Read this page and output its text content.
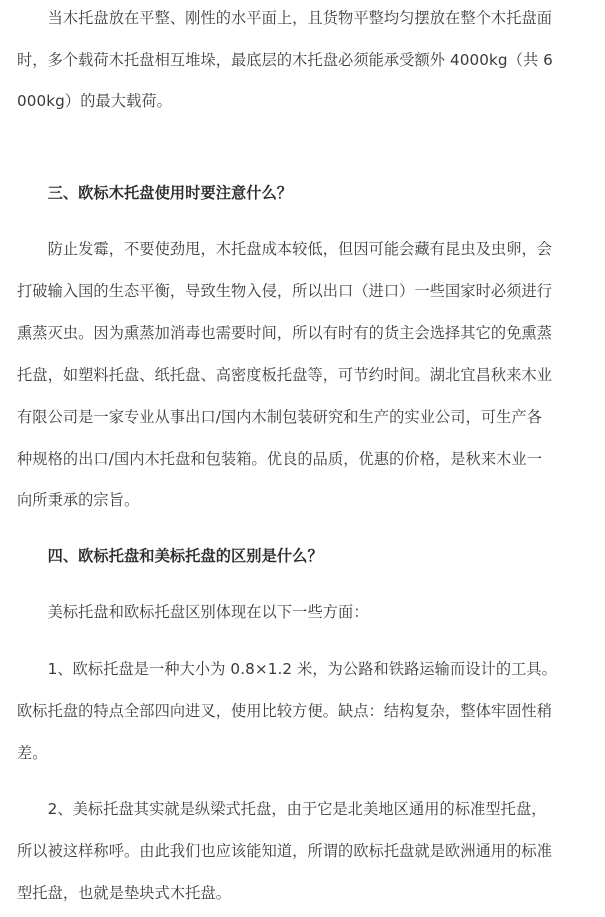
　　当木托盘放在平整、刚性的水平面上，且货物平整均匀摆放在整个木托盘面
时，多个载荷木托盘相互堆垛，最底层的木托盘必须能承受额外 4000kg（共 6
000kg）的最大载荷。
　　三、欧标木托盘使用时要注意什么？
　　防止发霉，不要使劲甩，木托盘成本较低，但因可能会藏有昆虫及虫卵，会
打破输入国的生态平衡，导致生物入侵，所以出口（进口）一些国家时必须进行
熏蒸灭虫。因为熏蒸加消毒也需要时间，所以有时有的货主会选择其它的免熏蒸
托盘，如塑料托盘、纸托盘、高密度板托盘等，可节约时间。湖北宜昌秋来木业
有限公司是一家专业从事出口/国内木制包装研究和生产的实业公司，可生产各
种规格的出口/国内木托盘和包装箱。优良的品质，优惠的价格，是秋来木业一
向所秉承的宗旨。
　　四、欧标托盘和美标托盘的区别是什么？
　　美标托盘和欧标托盘区别体现在以下一些方面：
　　1、欧标托盘是一种大小为 0.8×1.2 米，为公路和铁路运输而设计的工具。
欧标托盘的特点全部四向进叉，使用比较方便。缺点：结构复杂，整体牢固性稍
差。
　　2、美标托盘其实就是纵梁式托盘，由于它是北美地区通用的标准型托盘，
所以被这样称呼。由此我们也应该能知道，所谓的欧标托盘就是欧洲通用的标准
型托盘，也就是垫块式木托盘。
